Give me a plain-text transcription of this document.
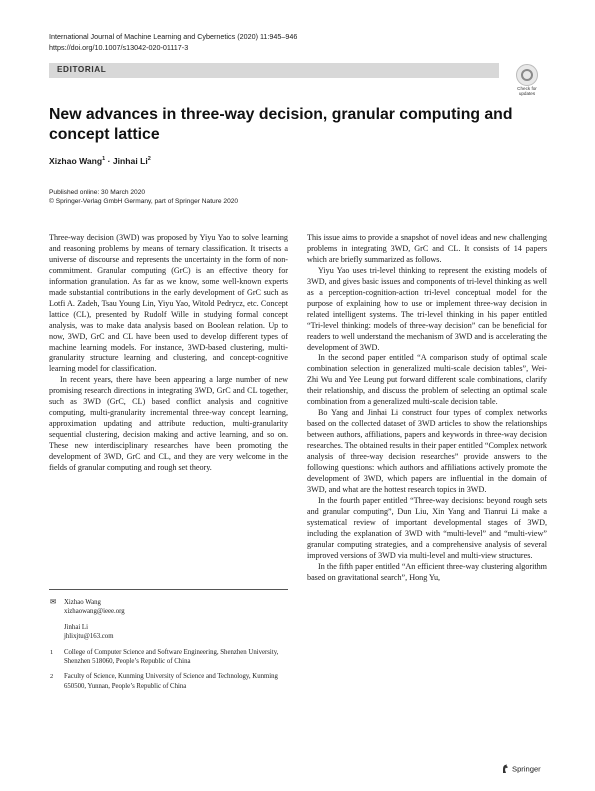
International Journal of Machine Learning and Cybernetics (2020) 11:945–946
https://doi.org/10.1007/s13042-020-01117-3
EDITORIAL
Check for
updates
New advances in three-way decision, granular computing and concept lattice
Xizhao Wang$^1$ · Jinhai Li$^2$
Published online: 30 March 2020
© Springer-Verlag GmbH Germany, part of Springer Nature 2020

Three-way decision (3WD) was proposed by Yiyu Yao to solve learning and reasoning problems by means of ternary classification. It trisects a universe of discourse and represents the uncertainty in the form of non-commitment. Granular computing (GrC) is an effective theory for information granulation. As far as we know, some well-known experts made substantial contributions in the early development of GrC such as Lotfi A. Zadeh, Tsau Young Lin, Yiyu Yao, Witold Pedrycz, etc. Concept lattice (CL), presented by Rudolf Wille in studying formal concept analysis, was to make data analysis based on Boolean relation. Up to now, 3WD, GrC and CL have been used to develop different types of machine learning models. For instance, 3WD-based clustering, multi-granularity structure learning and clustering, and concept-cognitive learning model for classification.

In recent years, there have been appearing a large number of new promising research directions in integrating 3WD, GrC and CL together, such as 3WD (GrC, CL) based conflict analysis and cognitive computing, multi-granularity incremental three-way concept learning, approximation updating and attribute reduction, multi-granularity sequential clustering, decision making and active learning, and so on. These new interdisciplinary researches have been promoting the development of 3WD, GrC and CL, and they are very welcome in the fields of granular computing and rough set theory.

This issue aims to provide a snapshot of novel ideas and new challenging problems in integrating 3WD, GrC and CL. It consists of 14 papers which are briefly summarized as follows.

Yiyu Yao uses tri-level thinking to represent the existing models of 3WD, and gives basic issues and components of tri-level thinking as well as a perception-cognition-action tri-level conceptual model for the purpose of explaining how to use or implement three-way decision in related intelligent systems. The tri-level thinking in his paper entitled “Tri-level thinking: models of three-way decision” can be beneficial for readers to well understand the mechanism of 3WD and is accelerating the development of 3WD.

In the second paper entitled “A comparison study of optimal scale combination selection in generalized multi-scale decision tables”, Wei-Zhi Wu and Yee Leung put forward different scale combinations, clarify their relationship, and discuss the problem of selecting an optimal scale combination from a generalized multi-scale decision table.

Bo Yang and Jinhai Li construct four types of complex networks based on the collected dataset of 3WD articles to show the relationships between authors, affiliations, papers and keywords in three-way decision researches. The obtained results in their paper entitled “Complex network analysis of three-way decision researches” provide answers to the following questions: which authors and affiliations actively promote the development of 3WD, which papers are influential in the domain of 3WD, and what are the hottest research topics in 3WD.

In the fourth paper entitled “Three-way decisions: beyond rough sets and granular computing”, Dun Liu, Xin Yang and Tianrui Li make a systematical review of important developmental stages of 3WD, including the explanation of 3WD with “multi-level” and “multi-view” granular computing strategies, and a comprehensive analysis of several improved versions of 3WD via multi-level and multi-view structures.

In the fifth paper entitled “An efficient three-way clustering algorithm based on gravitational search”, Hong Yu,

✉ Xizhao Wang
xizhaowang@ieee.org
Jinhai Li
jhlixjtu@163.com
1 College of Computer Science and Software Engineering, Shenzhen University, Shenzhen 518060, People’s Republic of China
2 Faculty of Science, Kunming University of Science and Technology, Kunming 650500, Yunnan, People’s Republic of China
Springer
